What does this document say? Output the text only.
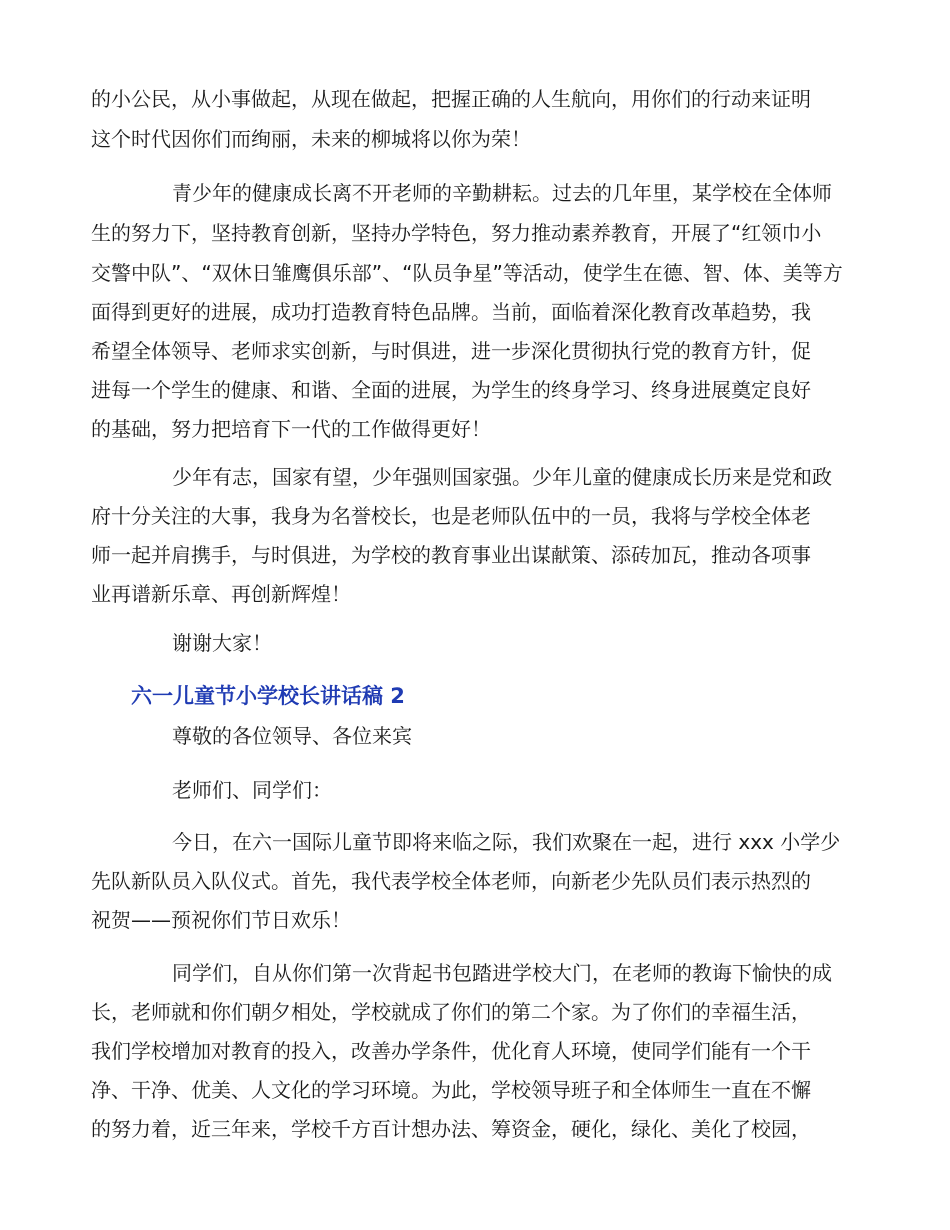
的小公民，从小事做起，从现在做起，把握正确的人生航向，用你们的行动来证明
这个时代因你们而绚丽，未来的柳城将以你为荣！
青少年的健康成长离不开老师的辛勤耕耘。过去的几年里，某学校在全体师
生的努力下，坚持教育创新，坚持办学特色，努力推动素养教育，开展了“红领巾小
交警中队”、“双休日雏鹰俱乐部”、“队员争星”等活动，使学生在德、智、体、美等方
面得到更好的进展，成功打造教育特色品牌。当前，面临着深化教育改革趋势，我
希望全体领导、老师求实创新，与时俱进，进一步深化贯彻执行党的教育方针，促
进每一个学生的健康、和谐、全面的进展，为学生的终身学习、终身进展奠定良好
的基础，努力把培育下一代的工作做得更好！
少年有志，国家有望，少年强则国家强。少年儿童的健康成长历来是党和政
府十分关注的大事，我身为名誉校长，也是老师队伍中的一员，我将与学校全体老
师一起并肩携手，与时俱进，为学校的教育事业出谋献策、添砖加瓦，推动各项事
业再谱新乐章、再创新辉煌！
谢谢大家！
六一儿童节小学校长讲话稿 2
尊敬的各位领导、各位来宾
老师们、同学们：
今日，在六一国际儿童节即将来临之际，我们欢聚在一起，进行 xxx 小学少
先队新队员入队仪式。首先，我代表学校全体老师，向新老少先队员们表示热烈的
祝贺——预祝你们节日欢乐！
同学们，自从你们第一次背起书包踏进学校大门，在老师的教诲下愉快的成
长，老师就和你们朝夕相处，学校就成了你们的第二个家。为了你们的幸福生活，
我们学校增加对教育的投入，改善办学条件，优化育人环境，使同学们能有一个干
净、干净、优美、人文化的学习环境。为此，学校领导班子和全体师生一直在不懈
的努力着，近三年来，学校千方百计想办法、筹资金，硬化，绿化、美化了校园，
